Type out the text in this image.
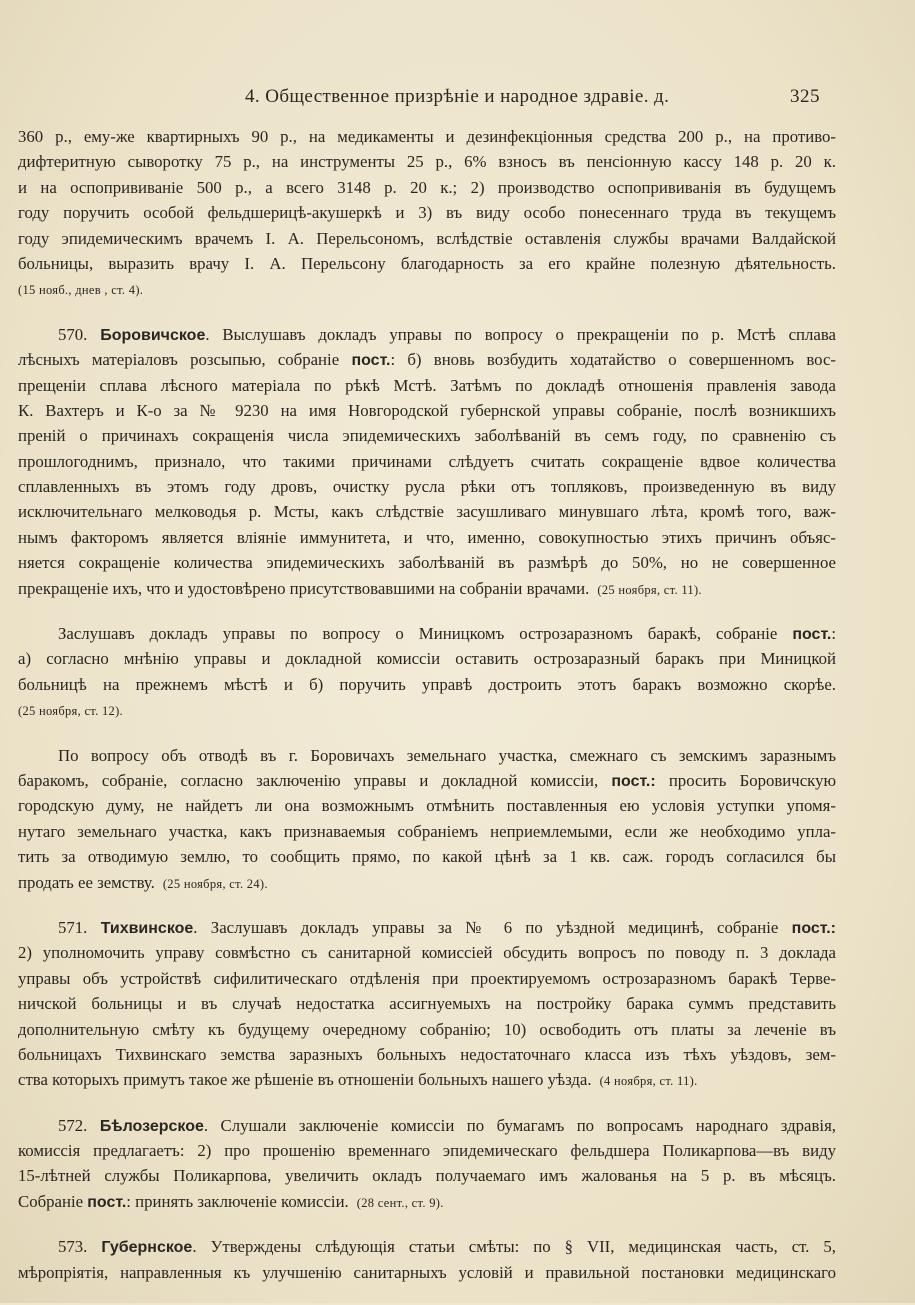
4. Общественное призрѣніе и народное здравіе. д.	325
360 р., ему-же квартирныхъ 90 р., на медикаменты и дезинфекціонныя средства 200 р., на противо-
дифтеритную сыворотку 75 р., на инструменты 25 р., 6% взносъ въ пенсіонную кассу 148 р. 20 к.
и на оспопрививаніе 500 р., а всего 3148 р. 20 к.; 2) производство оспопрививанія въ будущемъ
году поручить особой фельдшерицѣ-акушеркѣ и 3) въ виду особо понесеннаго труда въ текущемъ
году эпидемическимъ врачемъ І. А. Перельсономъ, вслѣдствіе оставленія службы врачами Валдайской
больницы, выразить врачу І. А. Перельсону благодарность за его крайне полезную дѣятельность.
(15 нояб., днев , ст. 4).
570. Боровичское. Выслушавъ докладъ управы по вопросу о прекращеніи по р. Мстѣ сплава
лѣсныхъ матеріаловъ розсыпью, собраніе пост.: б) вновь возбудить ходатайство о совершенномъ вос-
прещеніи сплава лѣсного матеріала по рѣкѣ Мстѣ. Затѣмъ по докладѣ отношенія правленія завода
К. Вахтеръ и К-о за № 9230 на имя Новгородской губернской управы собраніе, послѣ возникшихъ
преній о причинахъ сокращенія числа эпидемическихъ заболѣваній въ семъ году, по сравненію съ
прошлогоднимъ, признало, что такими причинами слѣдуетъ считать сокращеніе вдвое количества
сплавленныхъ въ этомъ году дровъ, очистку русла рѣки отъ топляковъ, произведенную въ виду
исключительнаго мелководья р. Мсты, какъ слѣдствіе засушливаго минувшаго лѣта, кромѣ того, важ-
нымъ факторомъ является вліяніе иммунитета, и что, именно, совокупностью этихъ причинъ объяс-
няется сокращеніе количества эпидемическихъ заболѣваній въ размѣрѣ до 50%, но не совершенное
прекращеніе ихъ, что и удостовѣрено присутствовавшими на собраніи врачами. (25 ноября, ст. 11).
Заслушавъ докладъ управы по вопросу о Миницкомъ острозаразномъ баракѣ, собраніе пост.:
а) согласно мнѣнію управы и докладной комиссіи оставить острозаразный баракъ при Миницкой
больницѣ на прежнемъ мѣстѣ и б) поручить управѣ достроить этотъ баракъ возможно скорѣе.
(25 ноября, ст. 12).
По вопросу объ отводѣ въ г. Боровичахъ земельнаго участка, смежнаго съ земскимъ заразнымъ
баракомъ, собраніе, согласно заключенію управы и докладной комиссіи, пост.: просить Боровичскую
городскую думу, не найдетъ ли она возможнымъ отмѣнить поставленныя ею условія уступки упомя-
нутаго земельнаго участка, какъ признаваемыя собраніемъ неприемлемыми, если же необходимо упла-
тить за отводимую землю, то сообщить прямо, по какой цѣнѣ за 1 кв. саж. городъ согласился бы
продать ее земству. (25 ноября, ст. 24).
571. Тихвинское. Заслушавъ докладъ управы за № 6 по уѣздной медицинѣ, собраніе пост.:
2) уполномочить управу совмѣстно съ санитарной комиссіей обсудить вопросъ по поводу п. 3 доклада
управы объ устройствѣ сифилитическаго отдѣленія при проектируемомъ острозаразномъ баракѣ Терве-
ничской больницы и въ случаѣ недостатка ассигнуемыхъ на постройку барака суммъ представить
дополнительную смѣту къ будущему очередному собранію; 10) освободить отъ платы за леченіе въ
больницахъ Тихвинскаго земства заразныхъ больныхъ недостаточнаго класса изъ тѣхъ уѣздовъ, зем-
ства которыхъ примутъ такое же рѣшеніе въ отношеніи больныхъ нашего уѣзда. (4 ноября, ст. 11).
572. Бѣлозерское. Слушали заключеніе комиссіи по бумагамъ по вопросамъ народнаго здравія,
комиссія предлагаетъ: 2) про прошенію временнаго эпидемическаго фельдшера Поликарпова—въ виду
15-лѣтней службы Поликарпова, увеличить окладъ получаемаго имъ жалованья на 5 р. въ мѣсяцъ.
Собраніе пост.: принять заключеніе комиссіи. (28 сент., ст. 9).
573. Губернское. Утверждены слѣдующія статьи смѣты: по § VII, медицинская часть, ст. 5,
мѣропріятія, направленныя къ улучшенію санитарныхъ условій и правильной постановки медицинскаго
